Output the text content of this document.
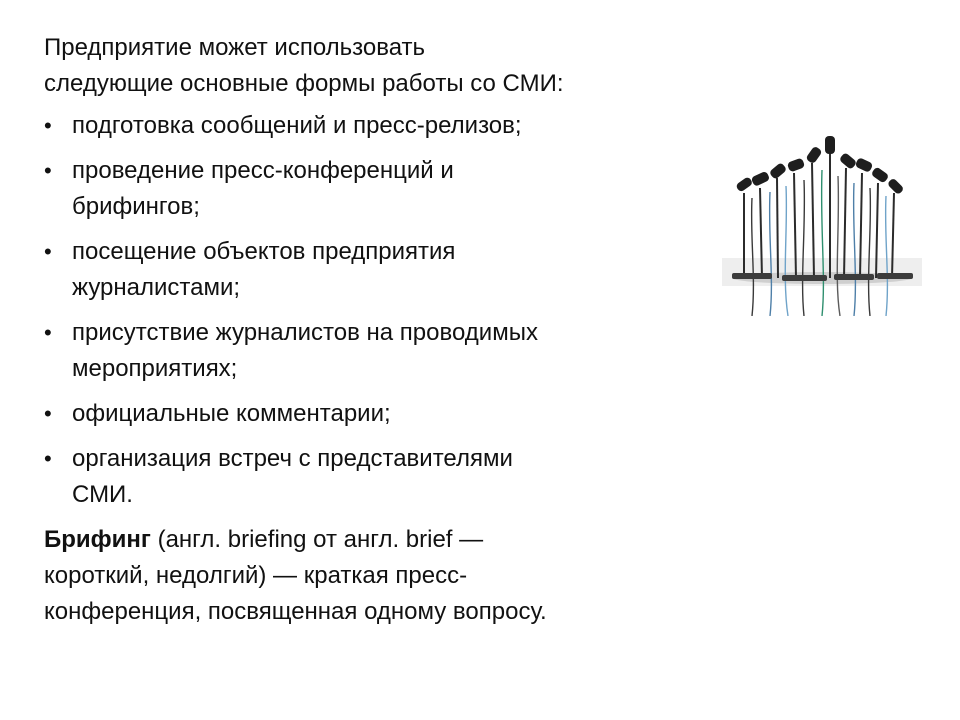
Предприятие может использовать
следующие основные формы работы со СМИ:

• подготовка сообщений и пресс-релизов;
• проведение пресс-конференций и
брифингов;
• посещение объектов предприятия
журналистами;
• присутствие журналистов на проводимых
мероприятиях;
• официальные комментарии;
• организация встреч с представителями
СМИ.
Брифинг (англ. briefing от англ. brief —
короткий, недолгий) — краткая пресс-
конференция, посвященная одному вопросу.
